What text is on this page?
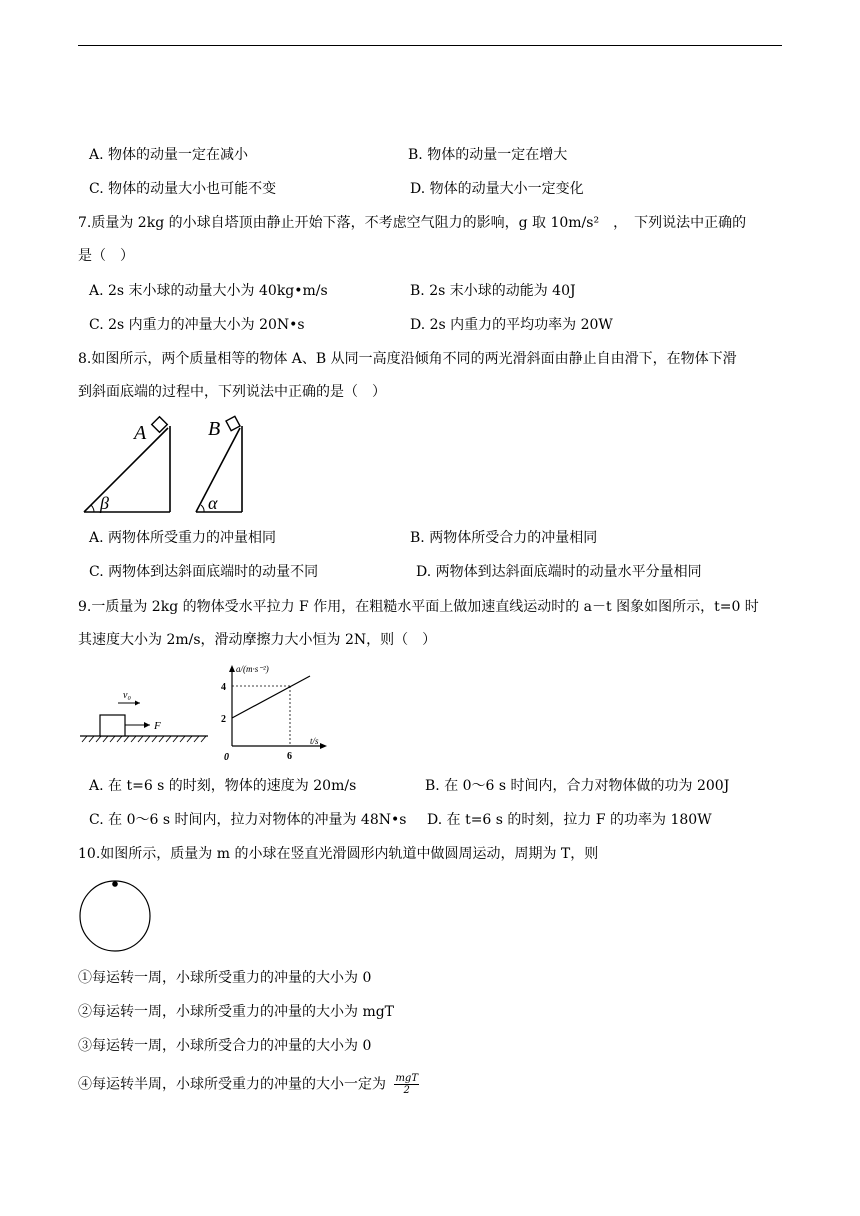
A. 物体的动量一定在减小	B. 物体的动量一定在增大
C. 物体的动量大小也可能不变	D. 物体的动量大小一定变化
7.质量为 2kg 的小球自塔顶由静止开始下落，不考虑空气阻力的影响，g 取 10m/s²　，　下列说法中正确的
是（　）
A. 2s 末小球的动量大小为 40kg•m/s	B. 2s 末小球的动能为 40J
C. 2s 内重力的冲量大小为 20N•s	D. 2s 内重力的平均功率为 20W
8.如图所示，两个质量相等的物体 A、B 从同一高度沿倾角不同的两光滑斜面由静止自由滑下，在物体下滑
到斜面底端的过程中，下列说法中正确的是（　）
A
β
B
α
A. 两物体所受重力的冲量相同	B. 两物体所受合力的冲量相同
C. 两物体到达斜面底端时的动量不同	D. 两物体到达斜面底端时的动量水平分量相同
9.一质量为 2kg 的物体受水平拉力 F 作用，在粗糙水平面上做加速直线运动时的 a－t 图象如图所示，t=0 时
其速度大小为 2m/s，滑动摩擦力大小恒为 2N，则（　）
F
v₀
a/(m·s⁻²)
t/s
4
2
6
0
A. 在 t=6 s 的时刻，物体的速度为 20m/s	B. 在 0～6 s 时间内，合力对物体做的功为 200J
C. 在 0～6 s 时间内，拉力对物体的冲量为 48N•s D. 在 t=6 s 的时刻，拉力 F 的功率为 180W
10.如图所示，质量为 m 的小球在竖直光滑圆形内轨道中做圆周运动，周期为 T，则
①每运转一周，小球所受重力的冲量的大小为 0
②每运转一周，小球所受重力的冲量的大小为 mgT
③每运转一周，小球所受合力的冲量的大小为 0
④每运转半周，小球所受重力的冲量的大小一定为 $\frac{\text{mgT}}{2}$
